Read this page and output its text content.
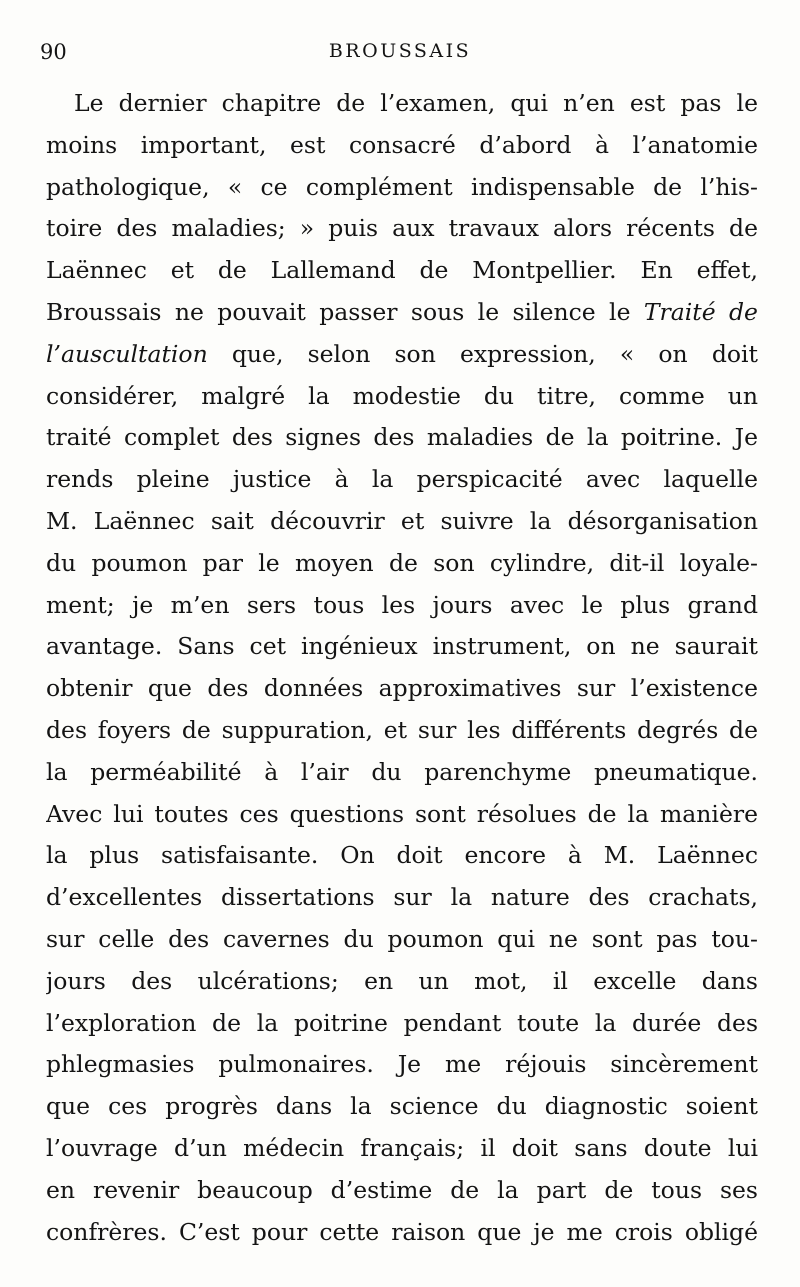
90	BROUSSAIS
Le dernier chapitre de l’examen, qui n’en est pas le
moins important, est consacré d’abord à l’anatomie
pathologique, « ce complément indispensable de l’his-
toire des maladies; » puis aux travaux alors récents de
Laënnec et de Lallemand de Montpellier. En effet,
Broussais ne pouvait passer sous le silence le Traité de
l’auscultation que, selon son expression, « on doit
considérer, malgré la modestie du titre, comme un
traité complet des signes des maladies de la poitrine. Je
rends pleine justice à la perspicacité avec laquelle
M. Laënnec sait découvrir et suivre la désorganisation
du poumon par le moyen de son cylindre, dit-il loyale-
ment; je m’en sers tous les jours avec le plus grand
avantage. Sans cet ingénieux instrument, on ne saurait
obtenir que des données approximatives sur l’existence
des foyers de suppuration, et sur les différents degrés de
la perméabilité à l’air du parenchyme pneumatique.
Avec lui toutes ces questions sont résolues de la manière
la plus satisfaisante. On doit encore à M. Laënnec
d’excellentes dissertations sur la nature des crachats,
sur celle des cavernes du poumon qui ne sont pas tou-
jours des ulcérations; en un mot, il excelle dans
l’exploration de la poitrine pendant toute la durée des
phlegmasies pulmonaires. Je me réjouis sincèrement
que ces progrès dans la science du diagnostic soient
l’ouvrage d’un médecin français; il doit sans doute lui
en revenir beaucoup d’estime de la part de tous ses
confrères. C’est pour cette raison que je me crois obligé
